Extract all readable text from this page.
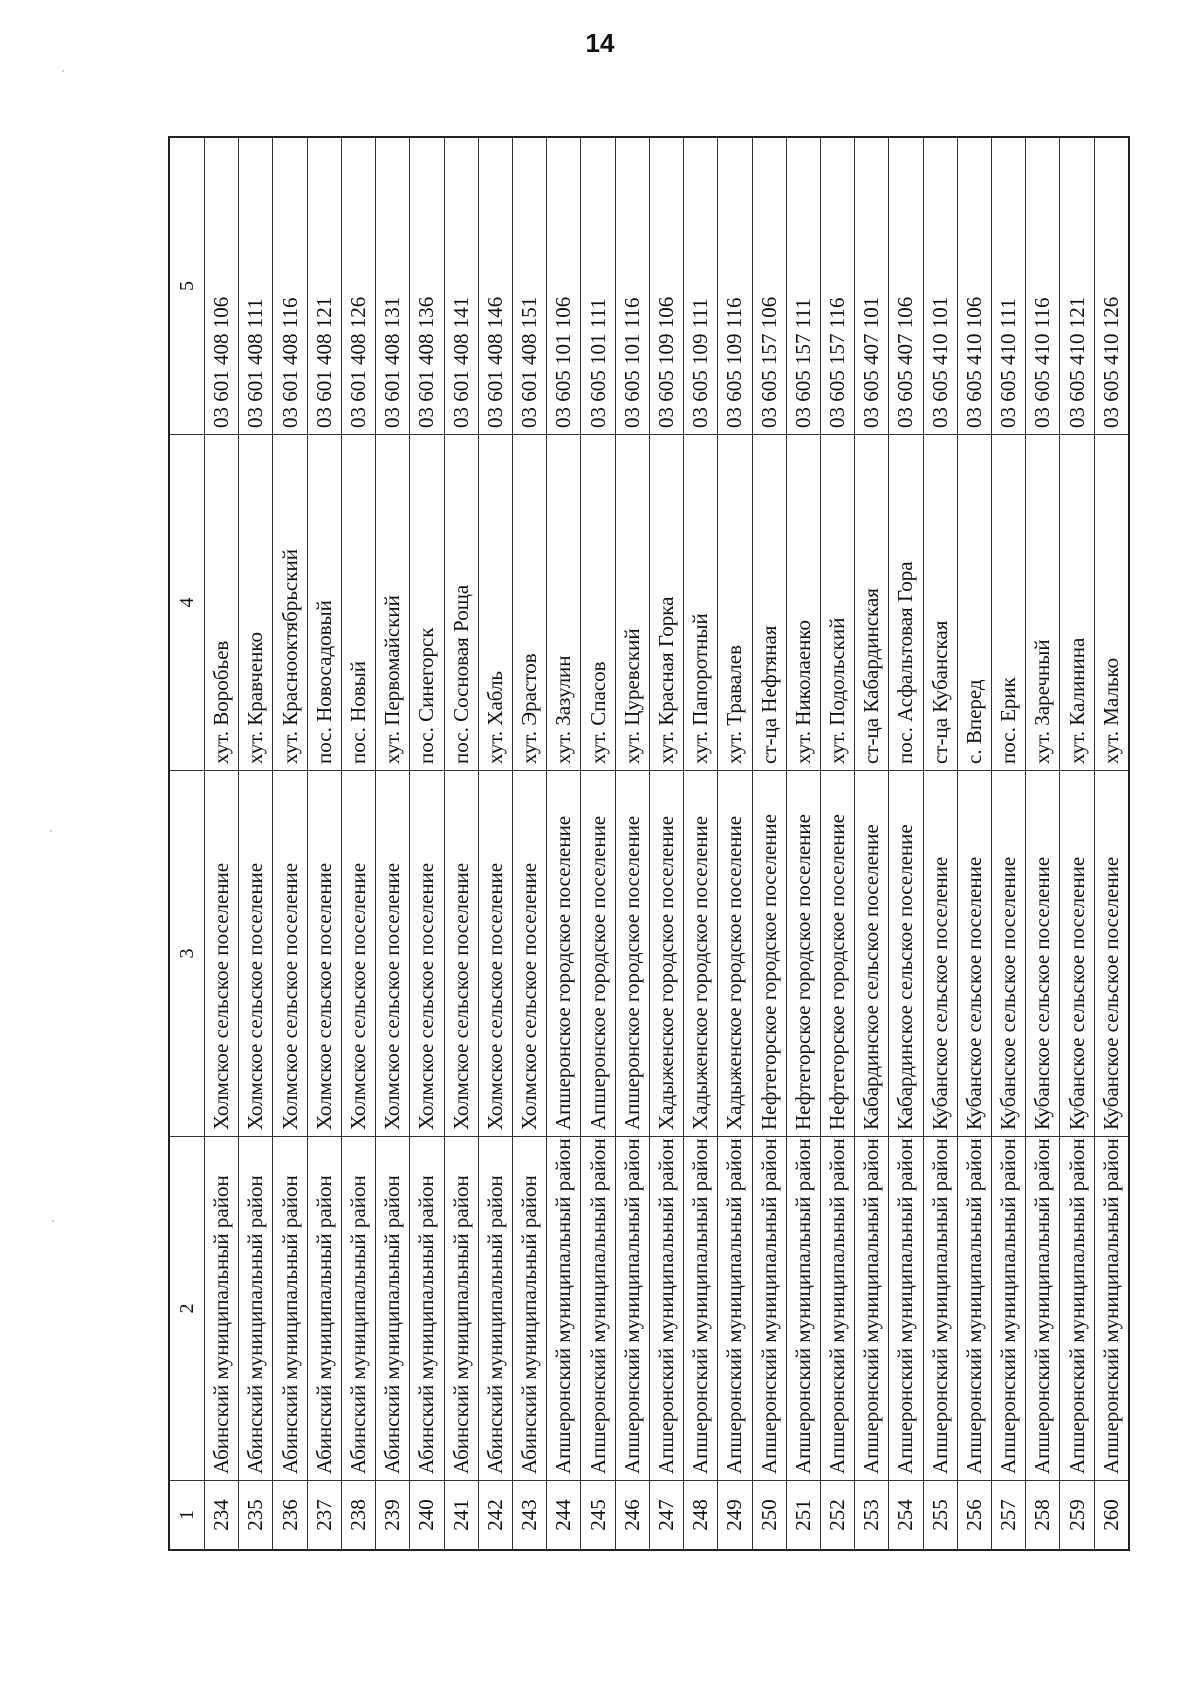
14
1
2
3
4
5
234
Абинский муниципальный район
Холмское сельское поселение
хут. Воробьев
03 601 408 106
235
Абинский муниципальный район
Холмское сельское поселение
хут. Кравченко
03 601 408 111
236
Абинский муниципальный район
Холмское сельское поселение
хут. Краснооктябрьский
03 601 408 116
237
Абинский муниципальный район
Холмское сельское поселение
пос. Новосадовый
03 601 408 121
238
Абинский муниципальный район
Холмское сельское поселение
пос. Новый
03 601 408 126
239
Абинский муниципальный район
Холмское сельское поселение
хут. Первомайский
03 601 408 131
240
Абинский муниципальный район
Холмское сельское поселение
пос. Синегорск
03 601 408 136
241
Абинский муниципальный район
Холмское сельское поселение
пос. Сосновая Роща
03 601 408 141
242
Абинский муниципальный район
Холмское сельское поселение
хут. Хабль
03 601 408 146
243
Абинский муниципальный район
Холмское сельское поселение
хут. Эрастов
03 601 408 151
244
Апшеронский муниципальный район
Апшеронское городское поселение
хут. Зазулин
03 605 101 106
245
Апшеронский муниципальный район
Апшеронское городское поселение
хут. Спасов
03 605 101 111
246
Апшеронский муниципальный район
Апшеронское городское поселение
хут. Цуревский
03 605 101 116
247
Апшеронский муниципальный район
Хадыженское городское поселение
хут. Красная Горка
03 605 109 106
248
Апшеронский муниципальный район
Хадыженское городское поселение
хут. Папоротный
03 605 109 111
249
Апшеронский муниципальный район
Хадыженское городское поселение
хут. Травалев
03 605 109 116
250
Апшеронский муниципальный район
Нефтегорское городское поселение
ст-ца Нефтяная
03 605 157 106
251
Апшеронский муниципальный район
Нефтегорское городское поселение
хут. Николаенко
03 605 157 111
252
Апшеронский муниципальный район
Нефтегорское городское поселение
хут. Подольский
03 605 157 116
253
Апшеронский муниципальный район
Кабардинское сельское поселение
ст-ца Кабардинская
03 605 407 101
254
Апшеронский муниципальный район
Кабардинское сельское поселение
пос. Асфальтовая Гора
03 605 407 106
255
Апшеронский муниципальный район
Кубанское сельское поселение
ст-ца Кубанская
03 605 410 101
256
Апшеронский муниципальный район
Кубанское сельское поселение
с. Вперед
03 605 410 106
257
Апшеронский муниципальный район
Кубанское сельское поселение
пос. Ерик
03 605 410 111
258
Апшеронский муниципальный район
Кубанское сельское поселение
хут. Заречный
03 605 410 116
259
Апшеронский муниципальный район
Кубанское сельское поселение
хут. Калинина
03 605 410 121
260
Апшеронский муниципальный район
Кубанское сельское поселение
хут. Малько
03 605 410 126
